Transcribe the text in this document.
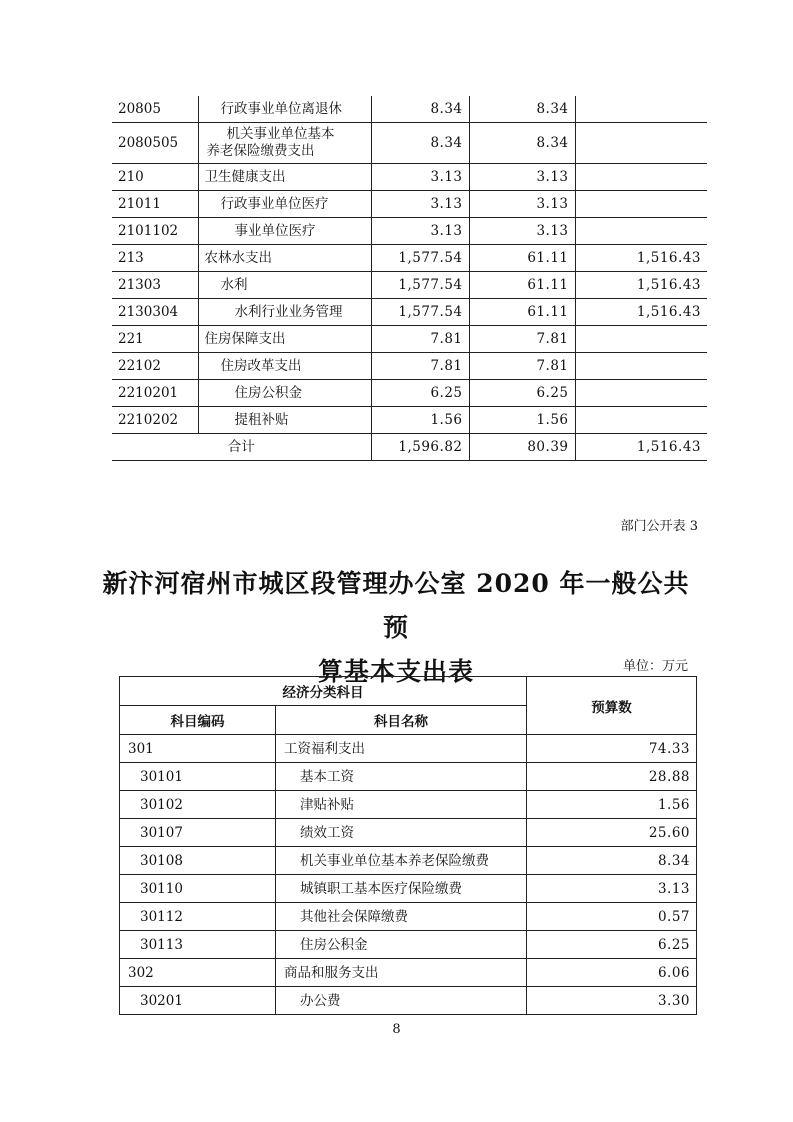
20805	行政事业单位离退休	8.34	8.34	
2080505	机关事业单位基本
养老保险缴费支出	8.34	8.34	
210	卫生健康支出	3.13	3.13	
21011	行政事业单位医疗	3.13	3.13	
2101102	事业单位医疗	3.13	3.13	
213	农林水支出	1,577.54	61.11	1,516.43
21303	水利	1,577.54	61.11	1,516.43
2130304	水利行业业务管理	1,577.54	61.11	1,516.43
221	住房保障支出	7.81	7.81	
22102	住房改革支出	7.81	7.81	
2210201	住房公积金	6.25	6.25	
2210202	提租补贴	1.56	1.56	
合计		1,596.82	80.39	1,516.43
部门公开表 3
新汴河宿州市城区段管理办公室 2020 年一般公共预
算基本支出表	单位：万元
经济分类科目		预算数
科目编码	科目名称	
301	工资福利支出	74.33
30101	基本工资	28.88
30102	津贴补贴	1.56
30107	绩效工资	25.60
30108	机关事业单位基本养老保险缴费	8.34
30110	城镇职工基本医疗保险缴费	3.13
30112	其他社会保障缴费	0.57
30113	住房公积金	6.25
302	商品和服务支出	6.06
30201	办公费	3.30
8
